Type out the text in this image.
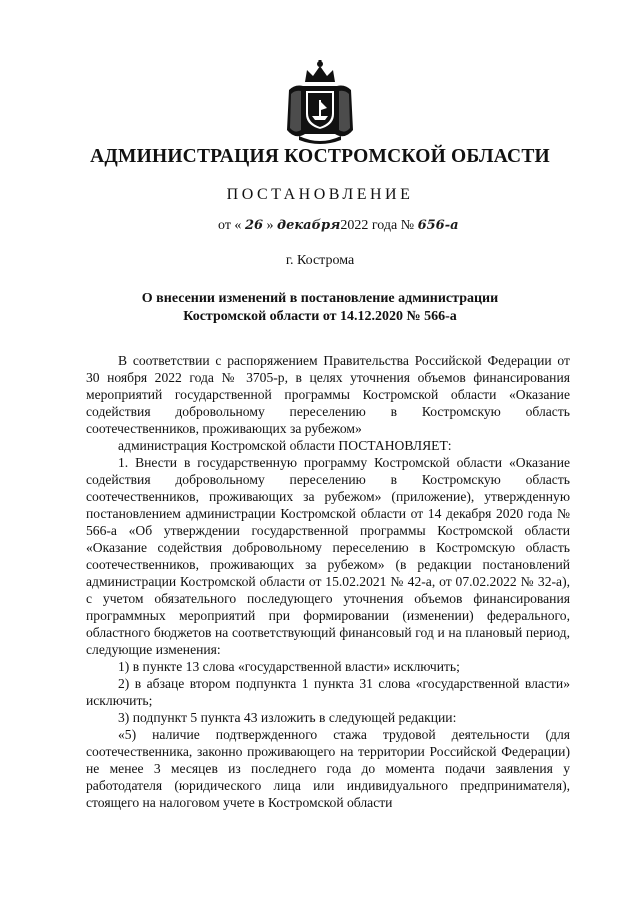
АДМИНИСТРАЦИЯ КОСТРОМСКОЙ ОБЛАСТИ
ПОСТАНОВЛЕНИЕ
от « 26 » декабря2022 года № 656-а
г. Кострома
О внесении изменений в постановление администрации Костромской области от 14.12.2020 № 566-а

В соответствии с распоряжением Правительства Российской Федерации от 30 ноября 2022 года № 3705-р, в целях уточнения объемов финансирования мероприятий государственной программы Костромской области «Оказание содействия добровольному переселению в Костромскую область соотечественников, проживающих за рубежом»

администрация Костромской области ПОСТАНОВЛЯЕТ:

1. Внести в государственную программу Костромской области «Оказание содействия добровольному переселению в Костромскую область соотечественников, проживающих за рубежом» (приложение), утвержденную постановлением администрации Костромской области от 14 декабря 2020 года № 566-а «Об утверждении государственной программы Костромской области «Оказание содействия добровольному переселению в Костромскую область соотечественников, проживающих за рубежом» (в редакции постановлений администрации Костромской области от 15.02.2021 № 42-а, от 07.02.2022 № 32-а), с учетом обязательного последующего уточнения объемов финансирования программных мероприятий при формировании (изменении) федерального, областного бюджетов на соответствующий финансовый год и на плановый период, следующие изменения:

1) в пункте 13 слова «государственной власти» исключить;

2) в абзаце втором подпункта 1 пункта 31 слова «государственной власти» исключить;

3) подпункт 5 пункта 43 изложить в следующей редакции:

«5) наличие подтвержденного стажа трудовой деятельности (для соотечественника, законно проживающего на территории Российской Федерации) не менее 3 месяцев из последнего года до момента подачи заявления у работодателя (юридического лица или индивидуального предпринимателя), стоящего на налоговом учете в Костромской области
